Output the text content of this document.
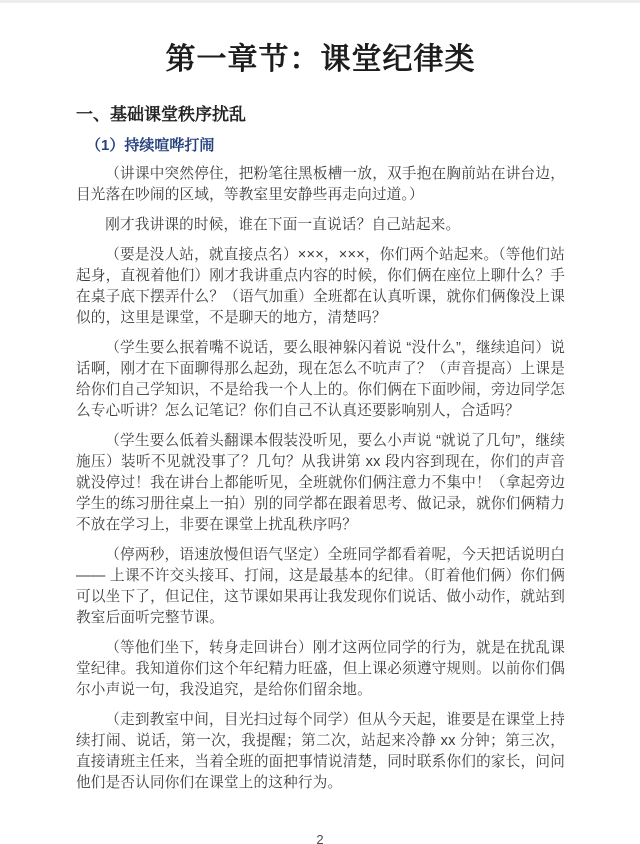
第一章节：课堂纪律类
一、基础课堂秩序扰乱
（1）持续喧哗打闹

（讲课中突然停住，把粉笔往黑板槽一放，双手抱在胸前站在讲台边，目光落在吵闹的区域，等教室里安静些再走向过道。）

刚才我讲课的时候，谁在下面一直说话？自己站起来。

（要是没人站，就直接点名）×××，×××，你们两个站起来。（等他们站起身，直视着他们）刚才我讲重点内容的时候，你们俩在座位上聊什么？手在桌子底下摆弄什么？（语气加重）全班都在认真听课，就你们俩像没上课似的，这里是课堂，不是聊天的地方，清楚吗？

（学生要么抿着嘴不说话，要么眼神躲闪着说 “没什么”，继续追问）说话啊，刚才在下面聊得那么起劲，现在怎么不吭声了？（声音提高）上课是给你们自己学知识，不是给我一个人上的。你们俩在下面吵闹，旁边同学怎么专心听讲？怎么记笔记？你们自己不认真还要影响别人，合适吗？

（学生要么低着头翻课本假装没听见，要么小声说 “就说了几句”，继续施压）装听不见就没事了？几句？从我讲第 xx 段内容到现在，你们的声音就没停过！我在讲台上都能听见，全班就你们俩注意力不集中！（拿起旁边学生的练习册往桌上一拍）别的同学都在跟着思考、做记录，就你们俩精力不放在学习上，非要在课堂上扰乱秩序吗？

（停两秒，语速放慢但语气坚定）全班同学都看着呢，今天把话说明白 —— 上课不许交头接耳、打闹，这是最基本的纪律。（盯着他们俩）你们俩可以坐下了，但记住，这节课如果再让我发现你们说话、做小动作，就站到教室后面听完整节课。

（等他们坐下，转身走回讲台）刚才这两位同学的行为，就是在扰乱课堂纪律。我知道你们这个年纪精力旺盛，但上课必须遵守规则。以前你们偶尔小声说一句，我没追究，是给你们留余地。

（走到教室中间，目光扫过每个同学）但从今天起，谁要是在课堂上持续打闹、说话，第一次，我提醒；第二次，站起来冷静 xx 分钟；第三次，直接请班主任来，当着全班的面把事情说清楚，同时联系你们的家长，问问他们是否认同你们在课堂上的这种行为。

2
